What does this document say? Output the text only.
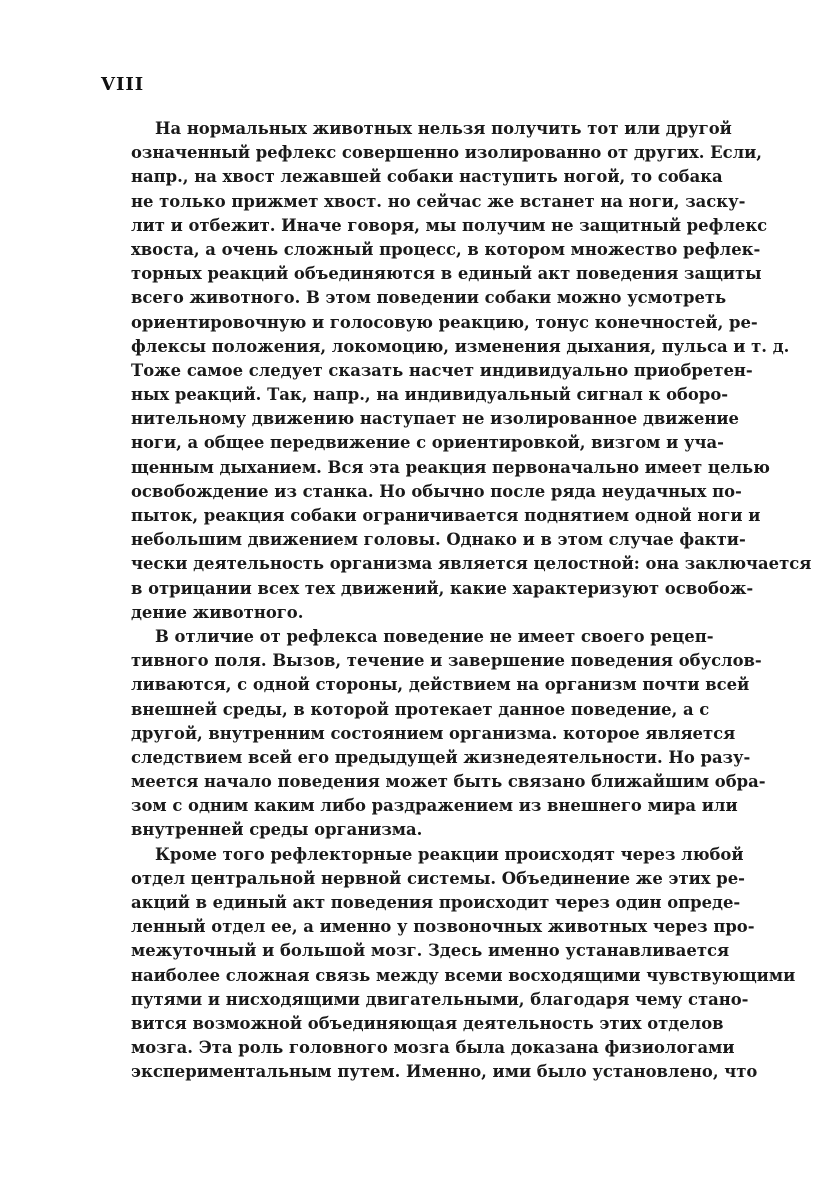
VIII
На нормальных животных нельзя получить тот или другой
означенный рефлекс совершенно изолированно от других. Если,
напр., на хвост лежавшей собаки наступить ногой, то собака
не только прижмет хвост. но сейчас же встанет на ноги, заску-
лит и отбежит. Иначе говоря, мы получим не защитный рефлекс
хвоста, а очень сложный процесс, в котором множество рефлек-
торных реакций объединяются в единый акт поведения защиты
всего животного. В этом поведении собаки можно усмотреть
ориентировочную и голосовую реакцию, тонус конечностей, ре-
флексы положения, локомоцию, изменения дыхания, пульса и т. д.
Тоже самое следует сказать насчет индивидуально приобретен-
ных реакций. Так, напр., на индивидуальный сигнал к оборо-
нительному движению наступает не изолированное движение
ноги, а общее передвижение с ориентировкой, визгом и уча-
щенным дыханием. Вся эта реакция первоначально имеет целью
освобождение из станка. Но обычно после ряда неудачных по-
пыток, реакция собаки ограничивается поднятием одной ноги и
небольшим движением головы. Однако и в этом случае факти-
чески деятельность организма является целостной: она заключается
в отрицании всех тех движений, какие характеризуют освобож-
дение животного.
В отличие от рефлекса поведение не имеет своего рецеп-
тивного поля. Вызов, течение и завершение поведения обуслов-
ливаются, с одной стороны, действием на организм почти всей
внешней среды, в которой протекает данное поведение, а с
другой, внутренним состоянием организма. которое является
следствием всей его предыдущей жизнедеятельности. Но разу-
меется начало поведения может быть связано ближайшим обра-
зом с одним каким либо раздражением из внешнего мира или
внутренней среды организма.
Кроме того рефлекторные реакции происходят через любой
отдел центральной нервной системы. Объединение же этих ре-
акций в единый акт поведения происходит через один опреде-
ленный отдел ее, а именно у позвоночных животных через про-
межуточный и большой мозг. Здесь именно устанавливается
наиболее сложная связь между всеми восходящими чувствующими
путями и нисходящими двигательными, благодаря чему стано-
вится возможной объединяющая деятельность этих отделов
мозга. Эта роль головного мозга была доказана физиологами
экспериментальным путем. Именно, ими было установлено, что
